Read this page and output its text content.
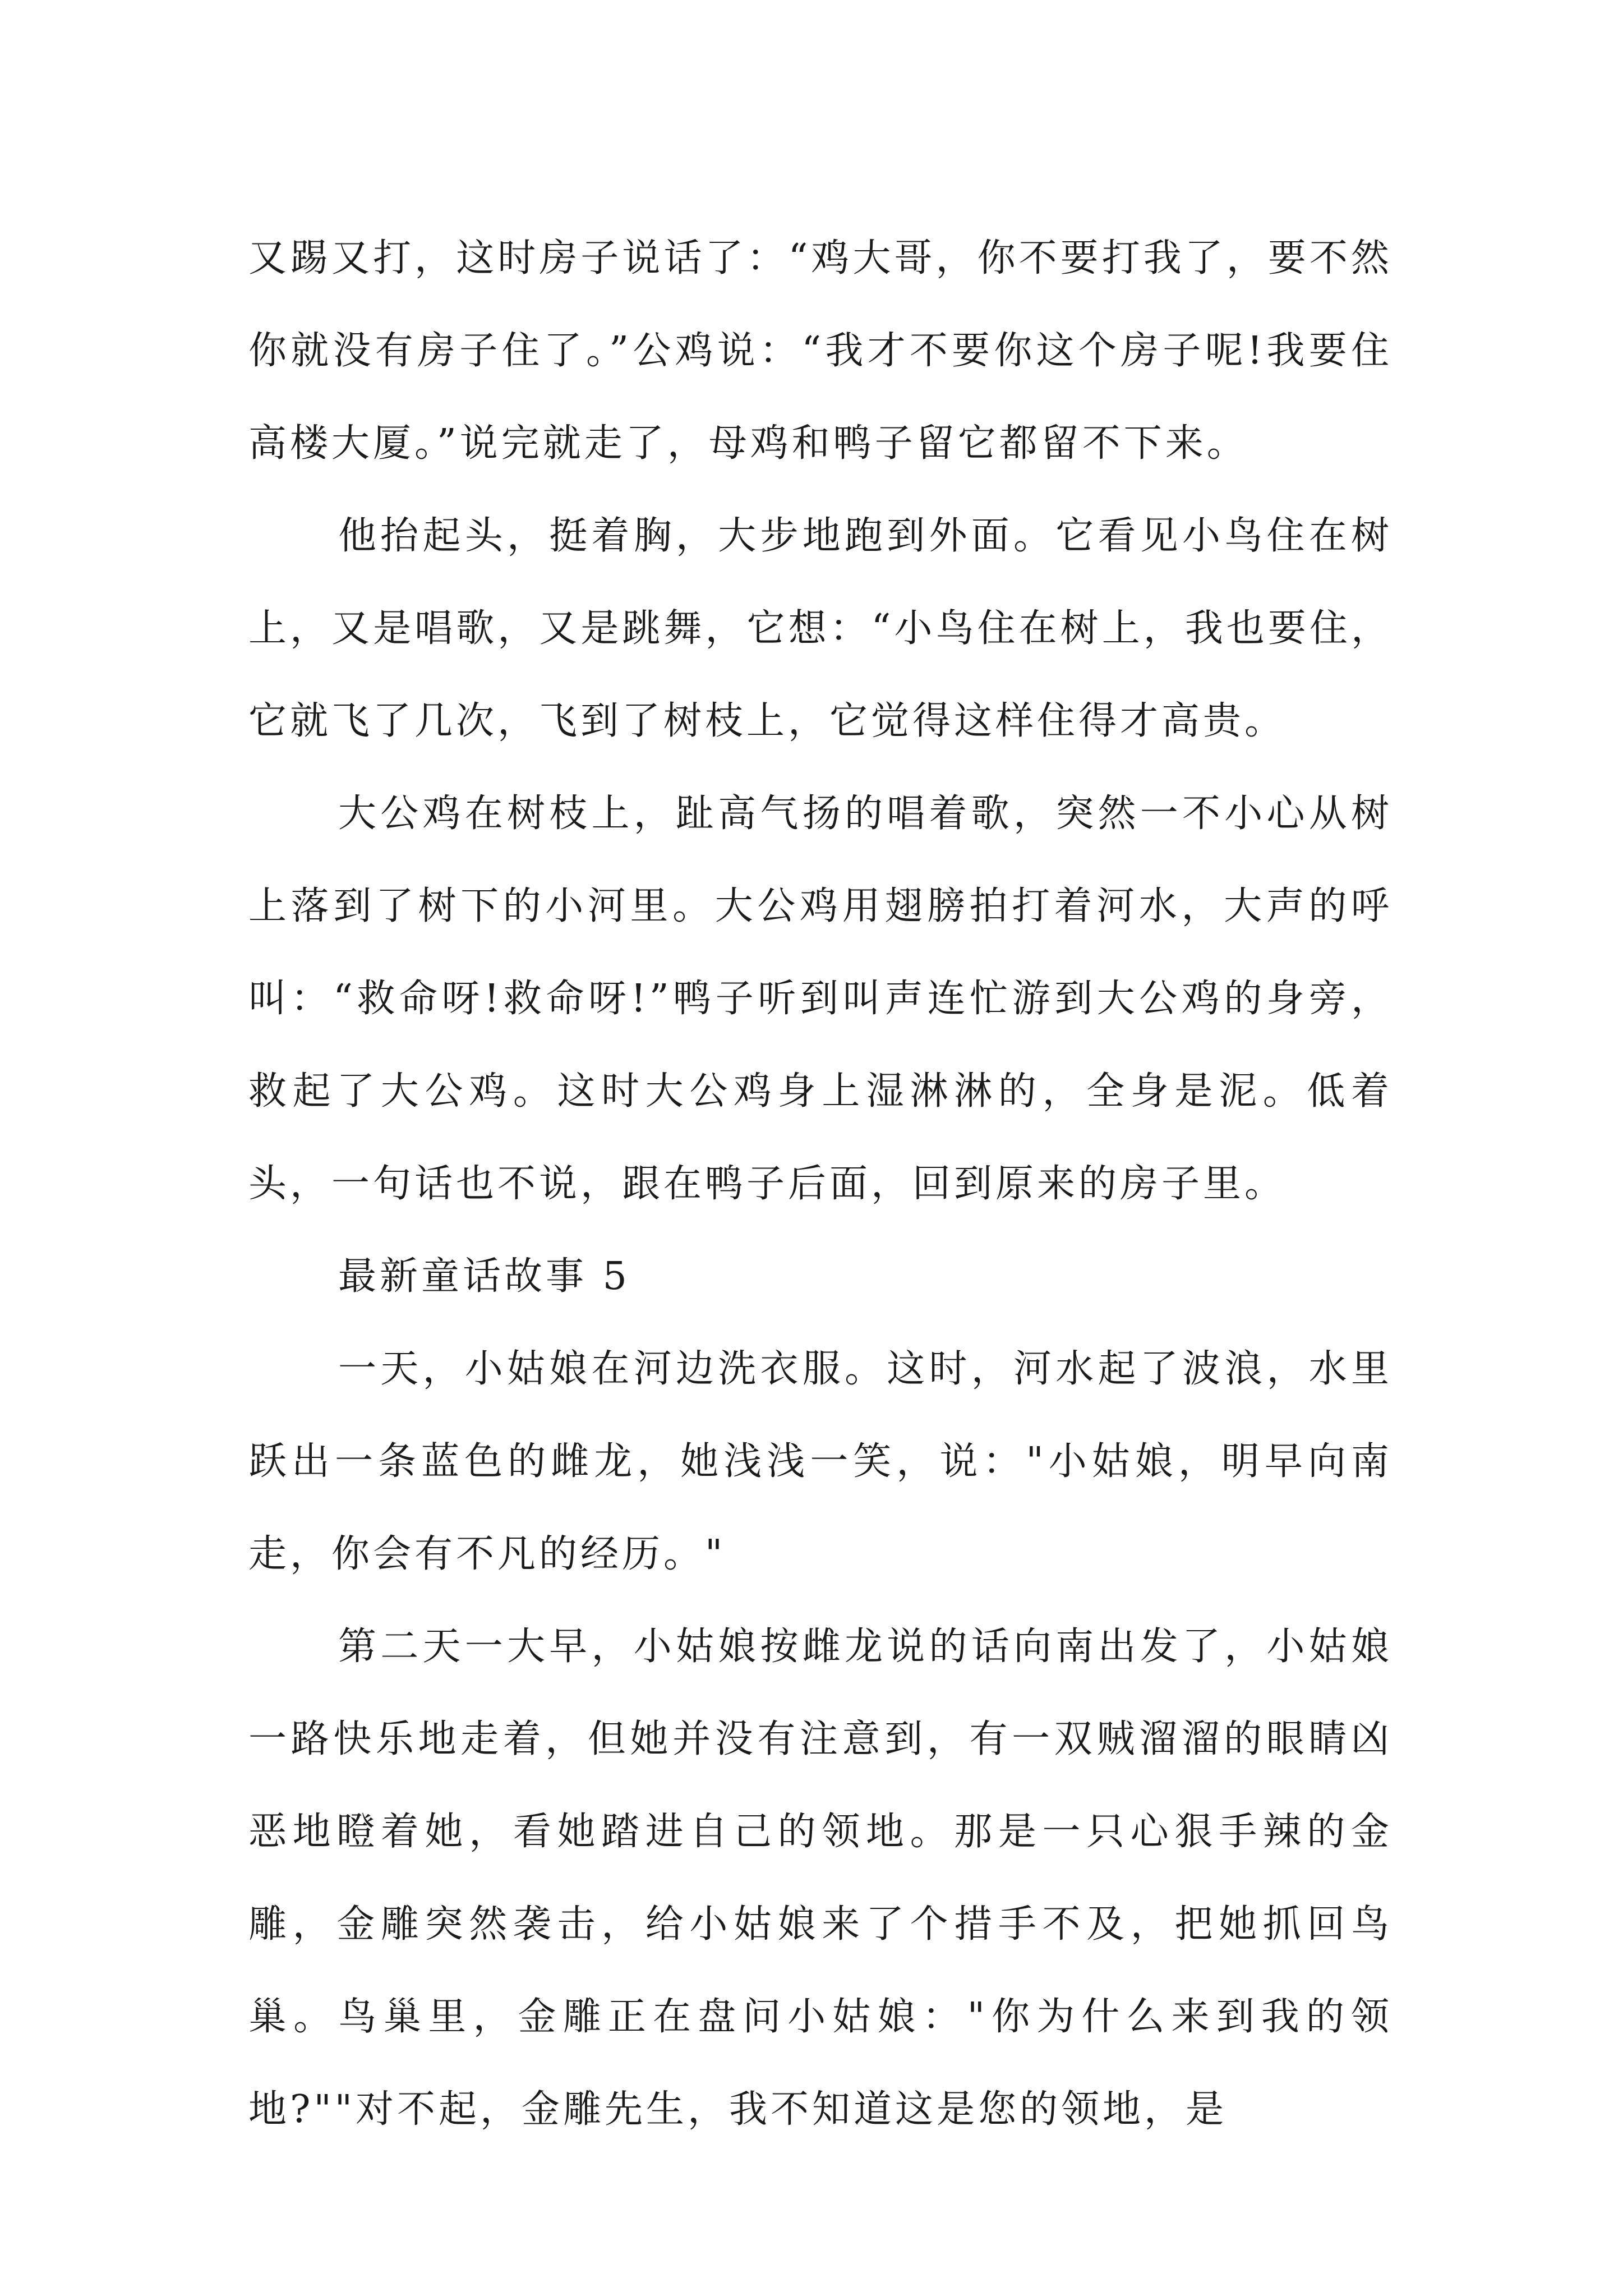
又踢又打，这时房子说话了：“鸡大哥，你不要打我了，要不然你就没有房子住了。”公鸡说：“我才不要你这个房子呢!我要住高楼大厦。”说完就走了，母鸡和鸭子留它都留不下来。

他抬起头，挺着胸，大步地跑到外面。它看见小鸟住在树上，又是唱歌，又是跳舞，它想：“小鸟住在树上，我也要住，它就飞了几次，飞到了树枝上，它觉得这样住得才高贵。

大公鸡在树枝上，趾高气扬的唱着歌，突然一不小心从树上落到了树下的小河里。大公鸡用翅膀拍打着河水，大声的呼叫：“救命呀!救命呀!”鸭子听到叫声连忙游到大公鸡的身旁，救起了大公鸡。这时大公鸡身上湿淋淋的，全身是泥。低着头，一句话也不说，跟在鸭子后面，回到原来的房子里。

最新童话故事 5

一天，小姑娘在河边洗衣服。这时，河水起了波浪，水里跃出一条蓝色的雌龙，她浅浅一笑，说："小姑娘，明早向南走，你会有不凡的经历。"

第二天一大早，小姑娘按雌龙说的话向南出发了，小姑娘一路快乐地走着，但她并没有注意到，有一双贼溜溜的眼睛凶恶地瞪着她，看她踏进自己的领地。那是一只心狠手辣的金雕，金雕突然袭击，给小姑娘来了个措手不及，把她抓回鸟巢。鸟巢里，金雕正在盘问小姑娘："你为什么来到我的领地?""对不起，金雕先生，我不知道这是您的领地，是
